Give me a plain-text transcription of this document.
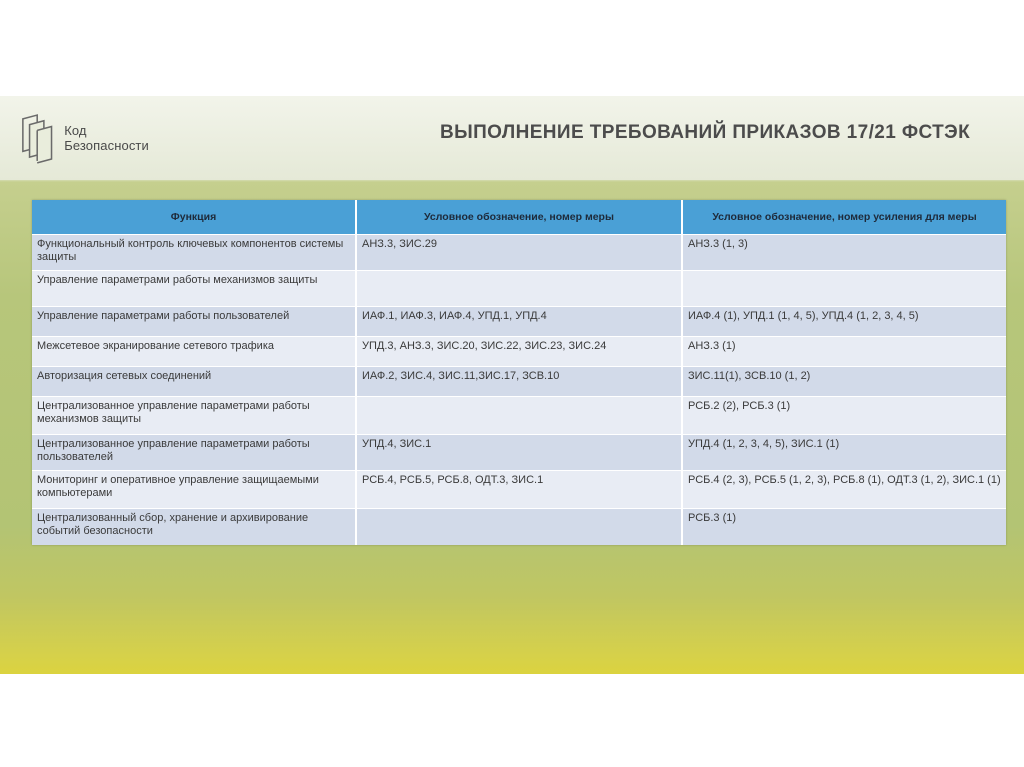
Код Безопасности
ВЫПОЛНЕНИЕ ТРЕБОВАНИЙ ПРИКАЗОВ 17/21 ФСТЭК
Функция	Условное обозначение, номер меры	Условное обозначение, номер усиления для меры
Функциональный контроль ключевых компонентов системы защиты	АНЗ.3, ЗИС.29	АНЗ.3 (1, 3)
Управление параметрами работы механизмов защиты		
Управление параметрами работы пользователей	ИАФ.1, ИАФ.3, ИАФ.4, УПД.1, УПД.4	ИАФ.4 (1), УПД.1 (1, 4, 5), УПД.4 (1, 2, 3, 4, 5)
Межсетевое экранирование сетевого трафика	УПД.3, АНЗ.3, ЗИС.20, ЗИС.22, ЗИС.23, ЗИС.24	АНЗ.3 (1)
Авторизация сетевых соединений	ИАФ.2, ЗИС.4, ЗИС.11,ЗИС.17, ЗСВ.10	ЗИС.11(1), ЗСВ.10 (1, 2)
Централизованное управление параметрами работы механизмов защиты		РСБ.2 (2), РСБ.3 (1)
Централизованное управление параметрами работы пользователей	УПД.4, ЗИС.1	УПД.4 (1, 2, 3, 4, 5), ЗИС.1 (1)
Мониторинг и оперативное управление защищаемыми компьютерами	РСБ.4, РСБ.5, РСБ.8, ОДТ.3, ЗИС.1	РСБ.4 (2, 3), РСБ.5 (1, 2, 3), РСБ.8 (1), ОДТ.3 (1, 2), ЗИС.1 (1)
Централизованный сбор, хранение и архивирование событий безопасности		РСБ.3 (1)
